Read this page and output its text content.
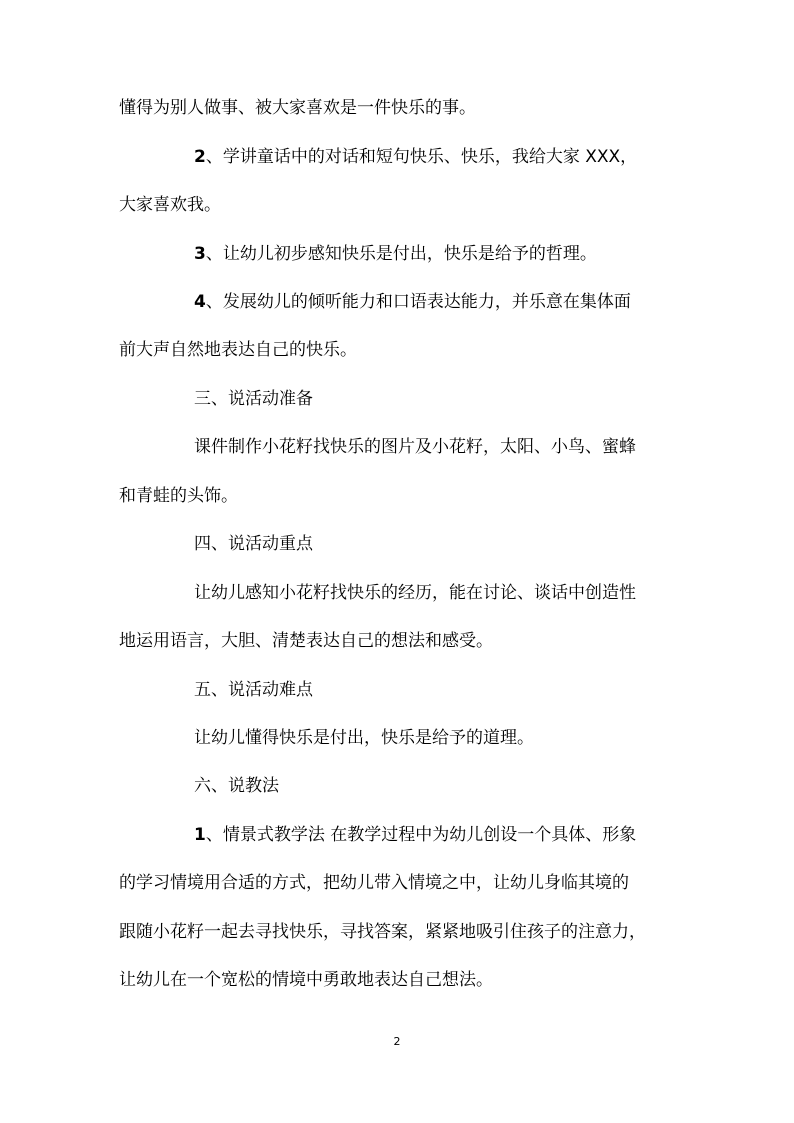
懂得为别人做事、被大家喜欢是一件快乐的事。
2、学讲童话中的对话和短句快乐、快乐，我给大家 XXX，
大家喜欢我。
3、让幼儿初步感知快乐是付出，快乐是给予的哲理。
4、发展幼儿的倾听能力和口语表达能力，并乐意在集体面
前大声自然地表达自己的快乐。
三、说活动准备
课件制作小花籽找快乐的图片及小花籽，太阳、小鸟、蜜蜂
和青蛙的头饰。
四、说活动重点
让幼儿感知小花籽找快乐的经历，能在讨论、谈话中创造性
地运用语言，大胆、清楚表达自己的想法和感受。
五、说活动难点
让幼儿懂得快乐是付出，快乐是给予的道理。
六、说教法
1、情景式教学法 在教学过程中为幼儿创设一个具体、形象
的学习情境用合适的方式，把幼儿带入情境之中，让幼儿身临其境的
跟随小花籽一起去寻找快乐，寻找答案，紧紧地吸引住孩子的注意力，
让幼儿在一个宽松的情境中勇敢地表达自己想法。
2
